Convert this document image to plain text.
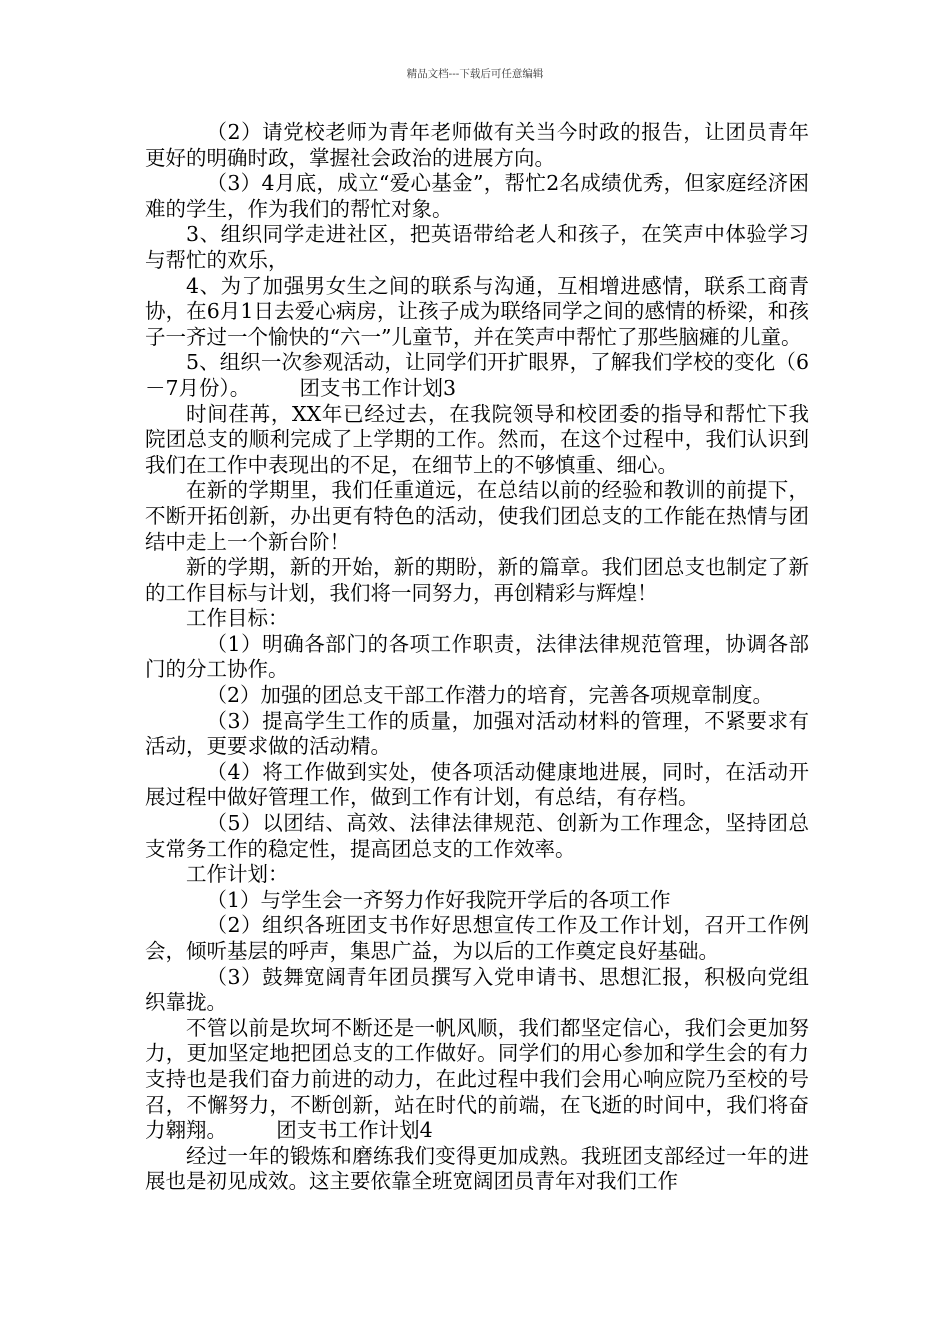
精品文档---下载后可任意编辑

（2）请党校老师为青年老师做有关当今时政的报告，让团员青年更好的明确时政，掌握社会政治的进展方向。

（3）4月底，成立“爱心基金”，帮忙2名成绩优秀，但家庭经济困难的学生，作为我们的帮忙对象。

3、组织同学走进社区，把英语带给老人和孩子，在笑声中体验学习与帮忙的欢乐，

4、为了加强男女生之间的联系与沟通，互相增进感情，联系工商青协，在6月1日去爱心病房，让孩子成为联络同学之间的感情的桥梁，和孩子一齐过一个愉快的“六一”儿童节，并在笑声中帮忙了那些脑瘫的儿童。

5、组织一次参观活动，让同学们开扩眼界，了解我们学校的变化（6－7月份）。 团支书工作计划3

时间荏苒，XX年已经过去，在我院领导和校团委的指导和帮忙下我院团总支的顺利完成了上学期的工作。然而，在这个过程中，我们认识到我们在工作中表现出的不足，在细节上的不够慎重、细心。

在新的学期里，我们任重道远，在总结以前的经验和教训的前提下，不断开拓创新，办出更有特色的活动，使我们团总支的工作能在热情与团结中走上一个新台阶！

新的学期，新的开始，新的期盼，新的篇章。我们团总支也制定了新的工作目标与计划，我们将一同努力，再创精彩与辉煌！

工作目标：

（1）明确各部门的各项工作职责，法律法律规范管理，协调各部门的分工协作。

（2）加强的团总支干部工作潜力的培育，完善各项规章制度。

（3）提高学生工作的质量，加强对活动材料的管理，不紧要求有活动，更要求做的活动精。

（4）将工作做到实处，使各项活动健康地进展，同时，在活动开展过程中做好管理工作，做到工作有计划，有总结，有存档。

（5）以团结、高效、法律法律规范、创新为工作理念，坚持团总支常务工作的稳定性，提高团总支的工作效率。

工作计划：

（1）与学生会一齐努力作好我院开学后的各项工作

（2）组织各班团支书作好思想宣传工作及工作计划，召开工作例会，倾听基层的呼声，集思广益，为以后的工作奠定良好基础。

（3）鼓舞宽阔青年团员撰写入党申请书、思想汇报，积极向党组织靠拢。

不管以前是坎坷不断还是一帆风顺，我们都坚定信心，我们会更加努力，更加坚定地把团总支的工作做好。同学们的用心参加和学生会的有力支持也是我们奋力前进的动力，在此过程中我们会用心响应院乃至校的号召，不懈努力，不断创新，站在时代的前端，在飞逝的时间中，我们将奋力翱翔。 团支书工作计划4

经过一年的锻炼和磨练我们变得更加成熟。我班团支部经过一年的进展也是初见成效。这主要依靠全班宽阔团员青年对我们工作
